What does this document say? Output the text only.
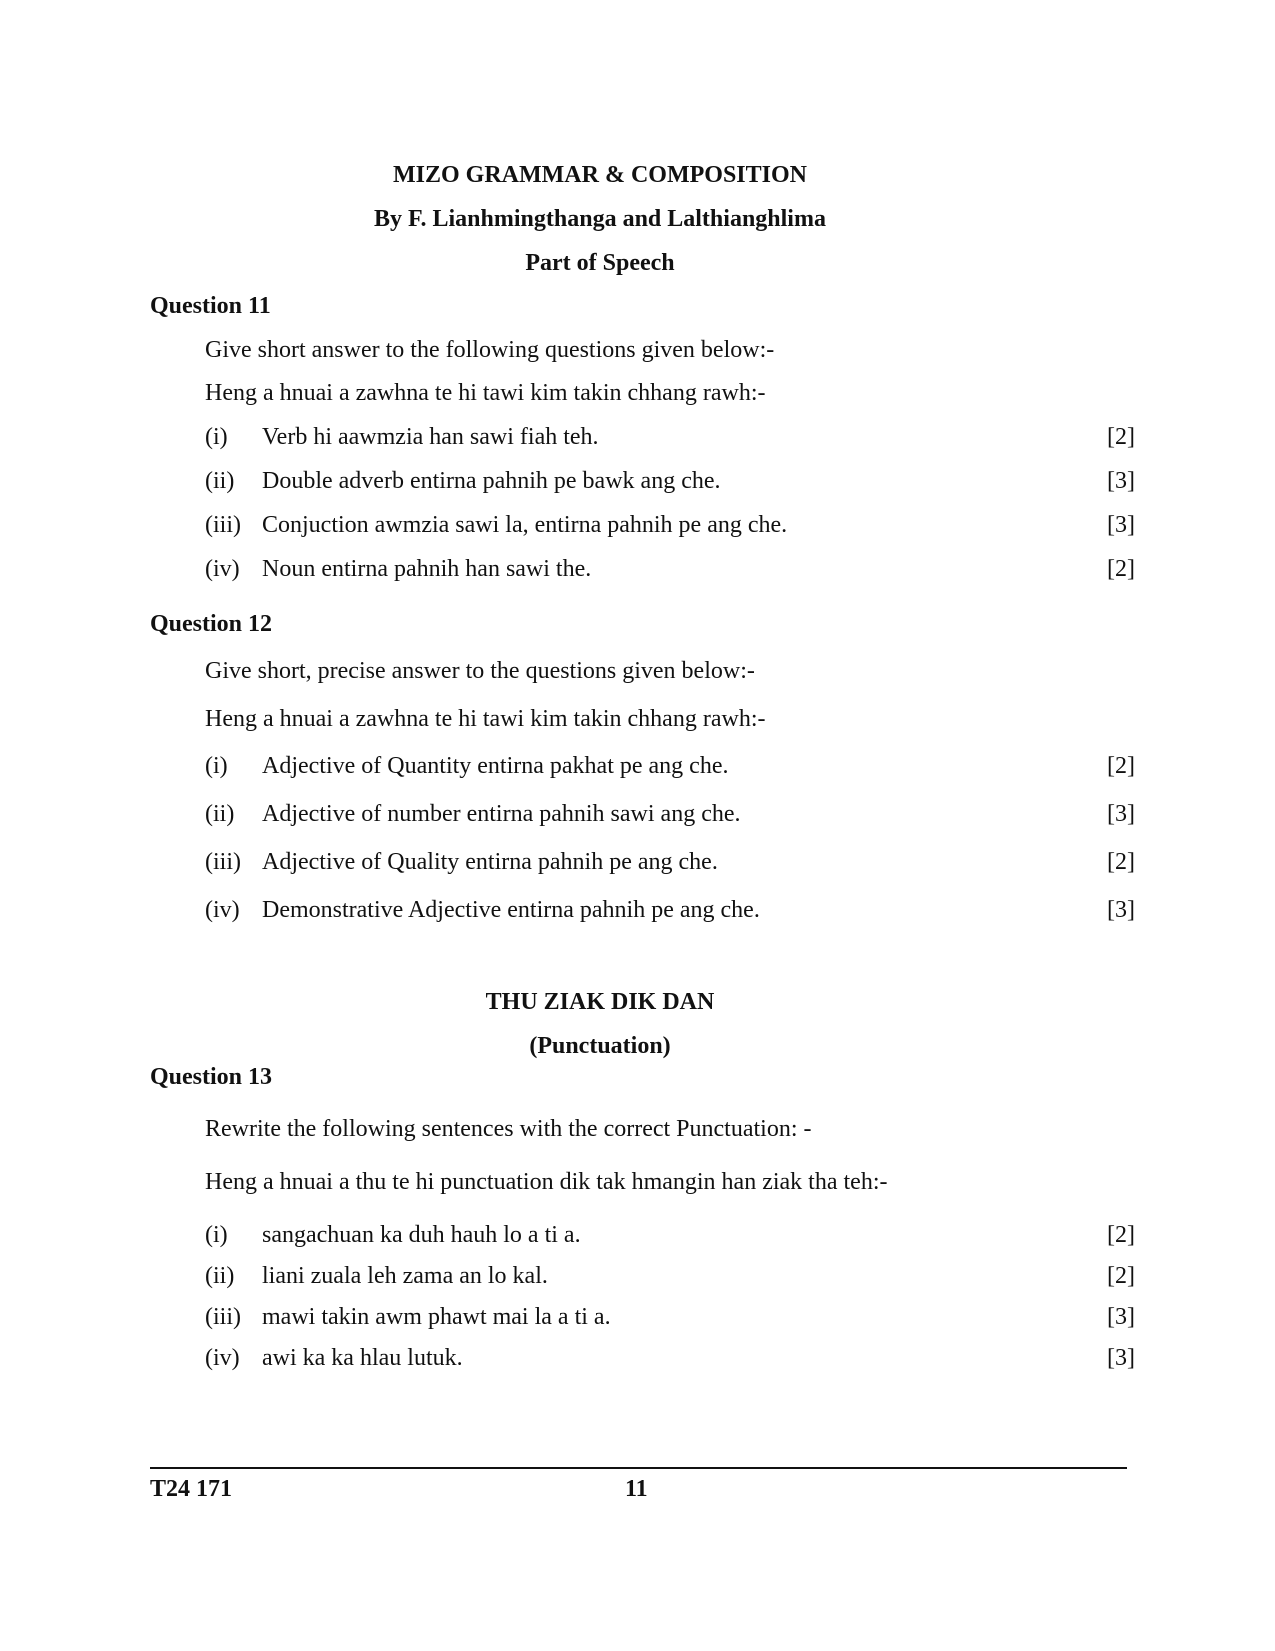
MIZO GRAMMAR & COMPOSITION
By F. Lianhmingthanga and Lalthianghlima
Part of Speech
Question 11
Give short answer to the following questions given below:-
Heng a hnuai a zawhna te hi tawi kim takin chhang rawh:-
(i) Verb hi aawmzia han sawi fiah teh.	[2]
(ii) Double adverb entirna pahnih pe bawk ang che.	[3]
(iii) Conjuction awmzia sawi la, entirna pahnih pe ang che.	[3]
(iv) Noun entirna pahnih han sawi the.	[2]
Question 12
Give short, precise answer to the questions given below:-
Heng a hnuai a zawhna te hi tawi kim takin chhang rawh:-
(i) Adjective of Quantity entirna pakhat pe ang che.	[2]
(ii) Adjective of number entirna pahnih sawi ang che.	[3]
(iii) Adjective of Quality entirna pahnih pe ang che.	[2]
(iv) Demonstrative Adjective entirna pahnih pe ang che.	[3]
THU ZIAK DIK DAN
(Punctuation)
Question 13
Rewrite the following sentences with the correct Punctuation: -
Heng a hnuai a thu te hi punctuation dik tak hmangin han ziak tha teh:-
(i) sangachuan ka duh hauh lo a ti a.	[2]
(ii) liani zuala leh zama an lo kal.	[2]
(iii) mawi takin awm phawt mai la a ti a.	[3]
(iv) awi ka ka hlau lutuk.	[3]
T24 171	11
